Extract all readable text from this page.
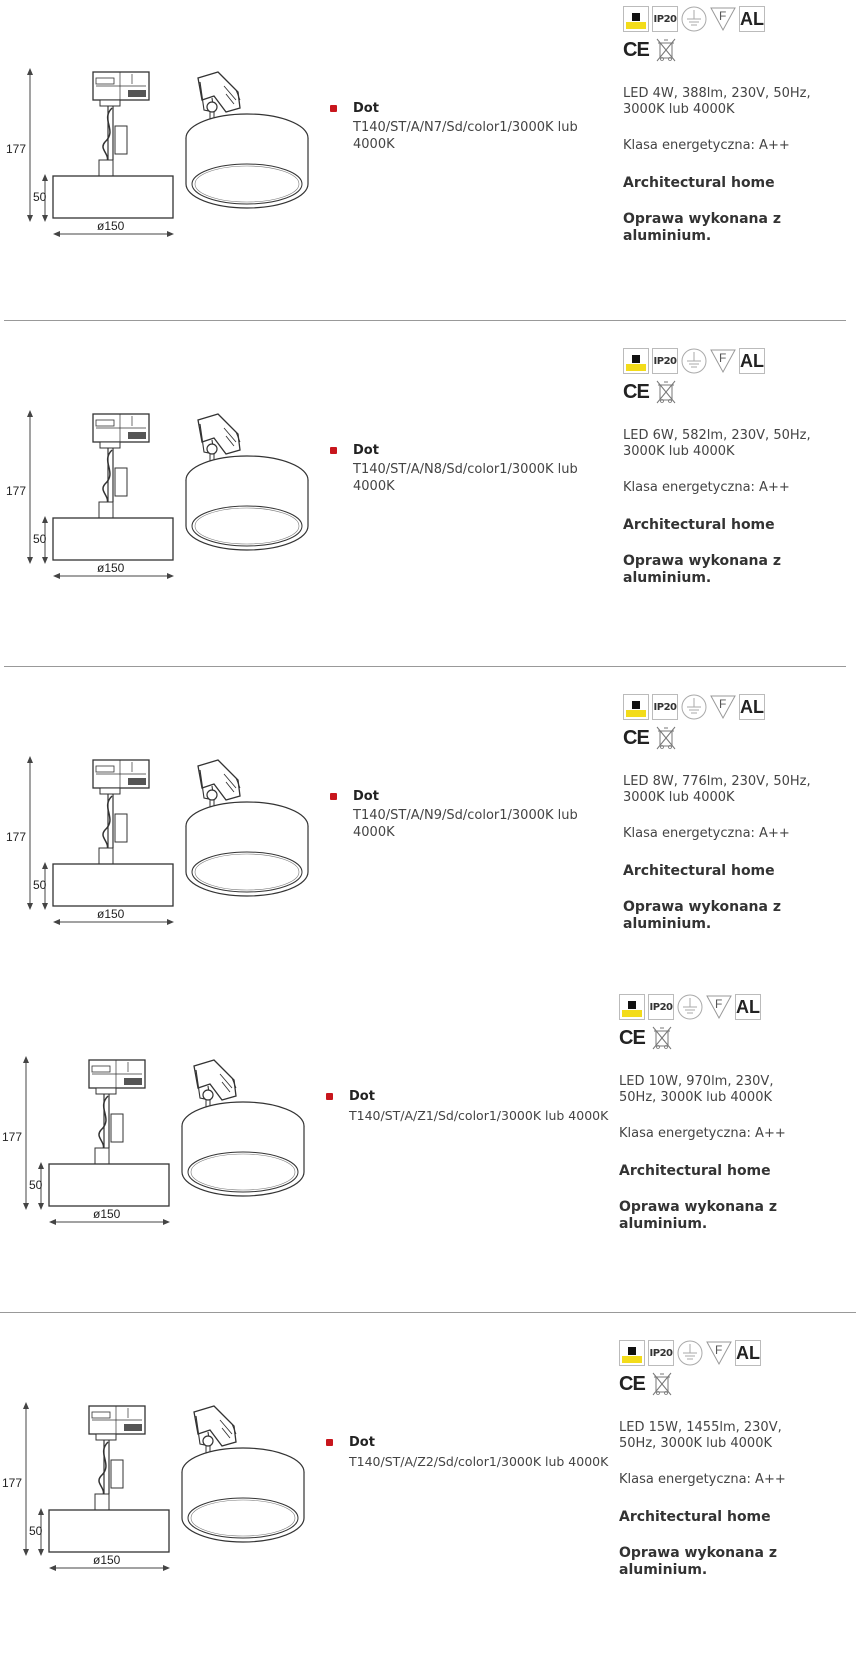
177
50
ø150
Dot
T140/ST/A/N7/Sd/color1/3000K lub 4000K
IP20	F AL
CE
LED 4W, 388lm, 230V, 50Hz, 3000K lub 4000K
Klasa energetyczna: A++
Architectural home
Oprawa wykonana z aluminium.
177
50
ø150
Dot
T140/ST/A/N8/Sd/color1/3000K lub 4000K
IP20	F AL
CE
LED 6W, 582lm, 230V, 50Hz, 3000K lub 4000K
Klasa energetyczna: A++
Architectural home
Oprawa wykonana z aluminium.
177
50
ø150
Dot
T140/ST/A/N9/Sd/color1/3000K lub 4000K
IP20	F AL
CE
LED 8W, 776lm, 230V, 50Hz, 3000K lub 4000K
Klasa energetyczna: A++
Architectural home
Oprawa wykonana z aluminium.
177
50
ø150
Dot
T140/ST/A/Z1/Sd/color1/3000K lub 4000K
IP20	F AL
CE
LED 10W, 970lm, 230V, 50Hz, 3000K lub 4000K
Klasa energetyczna: A++
Architectural home
Oprawa wykonana z aluminium.
177
50
ø150
Dot
T140/ST/A/Z2/Sd/color1/3000K lub 4000K
IP20	F AL
CE
LED 15W, 1455lm, 230V, 50Hz, 3000K lub 4000K
Klasa energetyczna: A++
Architectural home
Oprawa wykonana z aluminium.
